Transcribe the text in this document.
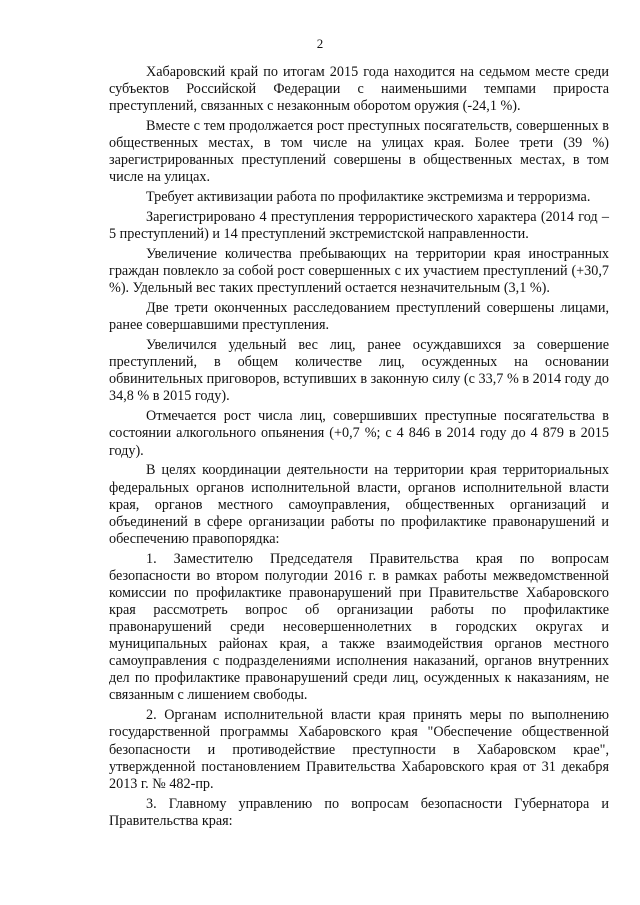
2

Хабаровский край по итогам 2015 года находится на седьмом месте среди субъектов Российской Федерации с наименьшими темпами прироста преступлений, связанных с незаконным оборотом оружия (-24,1 %).

Вместе с тем продолжается рост преступных посягательств, совершенных в общественных местах, в том числе на улицах края. Более трети (39 %) зарегистрированных преступлений совершены в общественных местах, в том числе на улицах.

Требует активизации работа по профилактике экстремизма и терроризма.

Зарегистрировано 4 преступления террористического характера (2014 год – 5 преступлений) и 14 преступлений экстремистской направленности.

Увеличение количества пребывающих на территории края иностранных граждан повлекло за собой рост совершенных с их участием преступлений (+30,7 %). Удельный вес таких преступлений остается незначительным (3,1 %).

Две трети оконченных расследованием преступлений совершены лицами, ранее совершавшими преступления.

Увеличился удельный вес лиц, ранее осуждавшихся за совершение преступлений, в общем количестве лиц, осужденных на основании обвинительных приговоров, вступивших в законную силу (с 33,7 % в 2014 году до 34,8 % в 2015 году).

Отмечается рост числа лиц, совершивших преступные посягательства в состоянии алкогольного опьянения (+0,7 %; с 4 846 в 2014 году до 4 879 в 2015 году).

В целях координации деятельности на территории края территориальных федеральных органов исполнительной власти, органов исполнительной власти края, органов местного самоуправления, общественных организаций и объединений в сфере организации работы по профилактике правонарушений и обеспечению правопорядка:

1. Заместителю Председателя Правительства края по вопросам безопасности во втором полугодии 2016 г. в рамках работы межведомственной комиссии по профилактике правонарушений при Правительстве Хабаровского края рассмотреть вопрос об организации работы по профилактике правонарушений среди несовершеннолетних в городских округах и муниципальных районах края, а также взаимодействия органов местного самоуправления с подразделениями исполнения наказаний, органов внутренних дел по профилактике правонарушений среди лиц, осужденных к наказаниям, не связанным с лишением свободы.

2. Органам исполнительной власти края принять меры по выполнению государственной программы Хабаровского края "Обеспечение общественной безопасности и противодействие преступности в Хабаровском крае", утвержденной постановлением Правительства Хабаровского края от 31 декабря 2013 г. № 482-пр.

3. Главному управлению по вопросам безопасности Губернатора и Правительства края:
